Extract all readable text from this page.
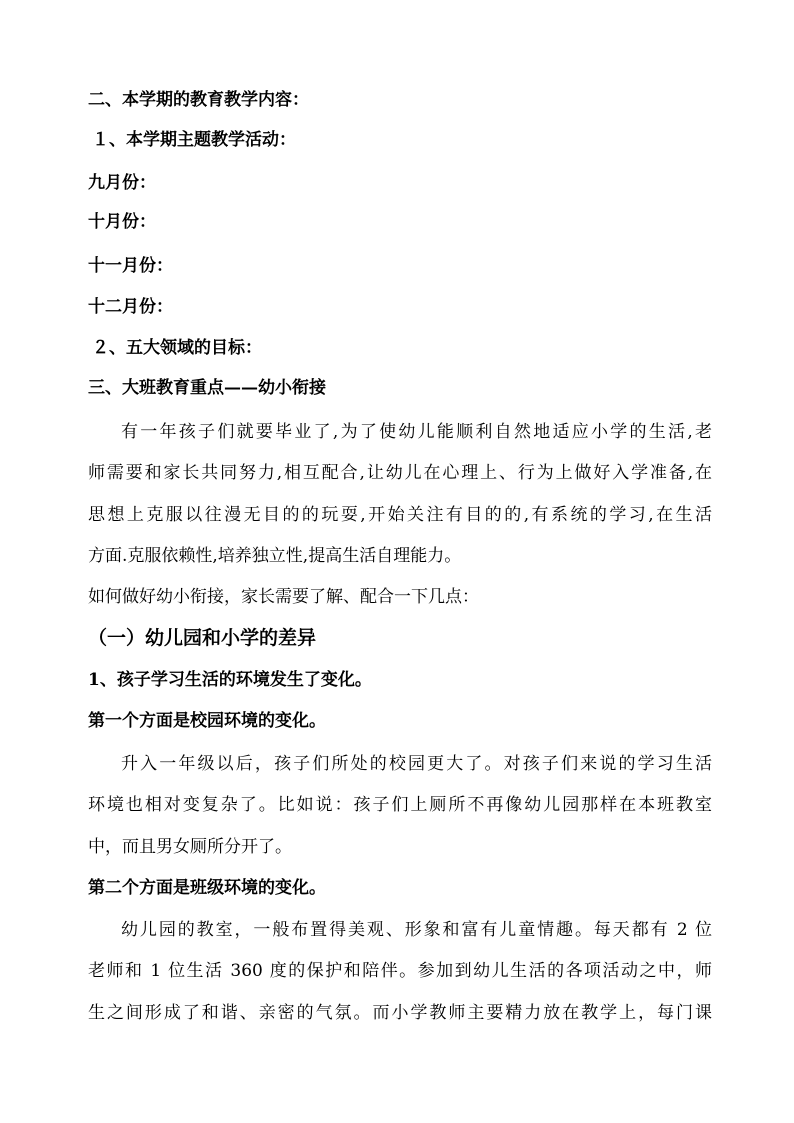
二、本学期的教育教学内容：
１、本学期主题教学活动：
九月份：
十月份：
十一月份：
十二月份：
２、五大领域的目标：
三、大班教育重点——幼小衔接
有一年孩子们就要毕业了,为了使幼儿能顺利自然地适应小学的生活,老
师需要和家长共同努力,相互配合,让幼儿在心理上、行为上做好入学准备,在
思想上克服以往漫无目的的玩耍,开始关注有目的的,有系统的学习,在生活
方面.克服依赖性,培养独立性,提高生活自理能力。
如何做好幼小衔接，家长需要了解、配合一下几点：
（一）幼儿园和小学的差异
1、孩子学习生活的环境发生了变化。
第一个方面是校园环境的变化。
升入一年级以后，孩子们所处的校园更大了。对孩子们来说的学习生活
环境也相对变复杂了。比如说：孩子们上厕所不再像幼儿园那样在本班教室
中，而且男女厕所分开了。
第二个方面是班级环境的变化。
幼儿园的教室，一般布置得美观、形象和富有儿童情趣。每天都有 2 位
老师和 1 位生活 360 度的保护和陪伴。参加到幼儿生活的各项活动之中，师
生之间形成了和谐、亲密的气氛。而小学教师主要精力放在教学上，每门课
